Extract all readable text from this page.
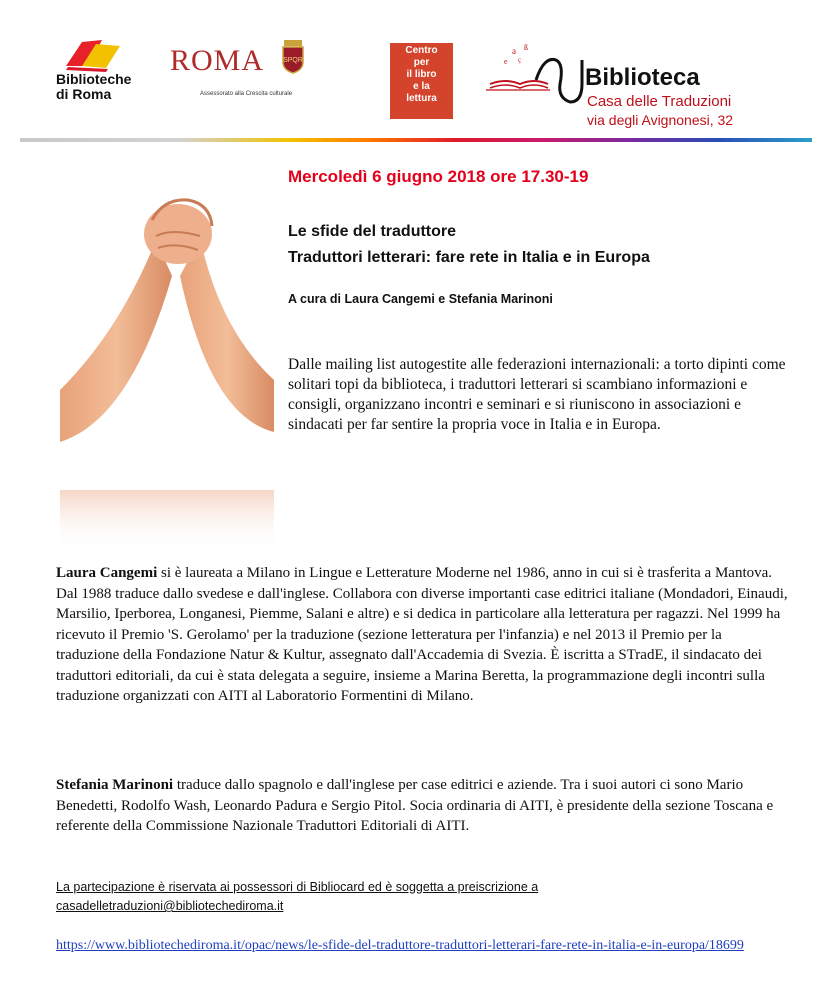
Biblioteche
di Roma
ROMA	SPQR
Assessorato alla Crescita culturale
Centro
per
il libro
e la
lettura
a ß
e ç
Biblioteca
Casa delle Traduzioni
via degli Avignonesi, 32
Mercoledì 6 giugno 2018 ore 17.30-19
Le sfide del traduttore
Traduttori letterari: fare rete in Italia e in Europa
A cura di Laura Cangemi e Stefania Marinoni
Dalle mailing list autogestite alle federazioni internazionali: a torto dipinti come solitari topi da biblioteca, i traduttori letterari si scambiano informazioni e consigli, organizzano incontri e seminari e si riuniscono in associazioni e sindacati per far sentire la propria voce in Italia e in Europa.
Laura Cangemi si è laureata a Milano in Lingue e Letterature Moderne nel 1986, anno in cui si è trasferita a Mantova. Dal 1988 traduce dallo svedese e dall'inglese. Collabora con diverse importanti case editrici italiane (Mondadori, Einaudi, Marsilio, Iperborea, Longanesi, Piemme, Salani e altre) e si dedica in particolare alla letteratura per ragazzi. Nel 1999 ha ricevuto il Premio 'S. Gerolamo' per la traduzione (sezione letteratura per l'infanzia) e nel 2013 il Premio per la traduzione della Fondazione Natur & Kultur, assegnato dall'Accademia di Svezia. È iscritta a STradE, il sindacato dei traduttori editoriali, da cui è stata delegata a seguire, insieme a Marina Beretta, la programmazione degli incontri sulla traduzione organizzati con AITI al Laboratorio Formentini di Milano.
Stefania Marinoni traduce dallo spagnolo e dall'inglese per case editrici e aziende. Tra i suoi autori ci sono Mario Benedetti, Rodolfo Wash, Leonardo Padura e Sergio Pitol. Socia ordinaria di AITI, è presidente della sezione Toscana e referente della Commissione Nazionale Traduttori Editoriali di AITI.
La partecipazione è riservata ai possessori di Bibliocard ed è soggetta a preiscrizione a
casadelletraduzioni@bibliotechediroma.it
https://www.bibliotechediroma.it/opac/news/le-sfide-del-traduttore-traduttori-letterari-fare-rete-in-italia-e-in-europa/18699
